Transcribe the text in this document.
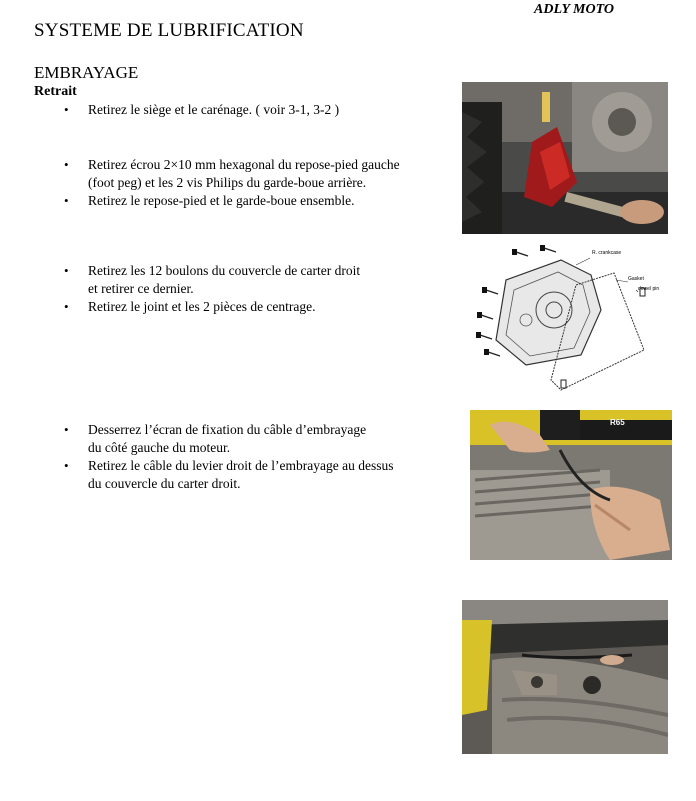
ADLY MOTO
SYSTEME DE LUBRIFICATION
EMBRAYAGE
Retrait
• Retirez le siège et le carénage. ( voir 3-1, 3-2 )
• Retirez écrou 2×10 mm hexagonal du repose-pied gauche
(foot peg) et les 2 vis Philips du garde-boue arrière.
• Retirez le repose-pied et le garde-boue ensemble.
• Retirez les 12 boulons du couvercle de carter droit
et retirer ce dernier.
• Retirez le joint et les 2 pièces de centrage.
• Desserrez l’écran de fixation du câble d’embrayage
du côté gauche du moteur.
• Retirez le câble du levier droit de l’embrayage au dessus
du couvercle du carter droit.
R. crankcase
Gasket
dowel pin
R65
